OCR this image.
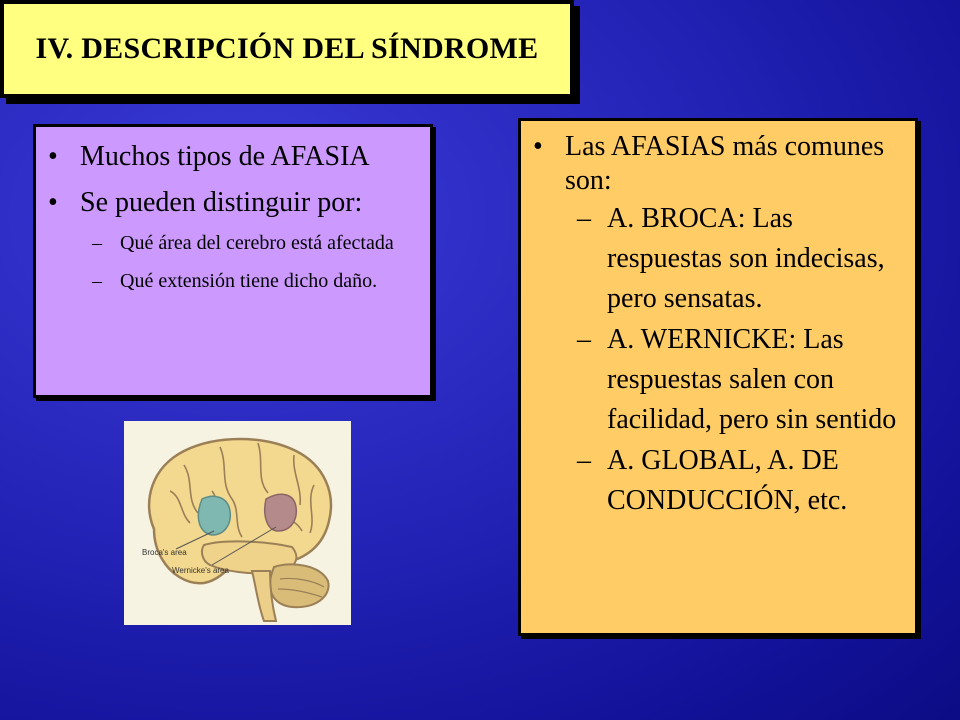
IV. DESCRIPCIÓN DEL SÍNDROME
• Muchos tipos de AFASIA
• Se pueden distinguir por:
– Qué área del cerebro está afectada
– Qué extensión tiene dicho daño.
Broca's area
Wernicke's area
• Las AFASIAS más comunes son:
– A. BROCA: Las respuestas son indecisas, pero sensatas.
– A. WERNICKE: Las respuestas salen con facilidad, pero sin sentido
– A. GLOBAL, A. DE CONDUCCIÓN, etc.
